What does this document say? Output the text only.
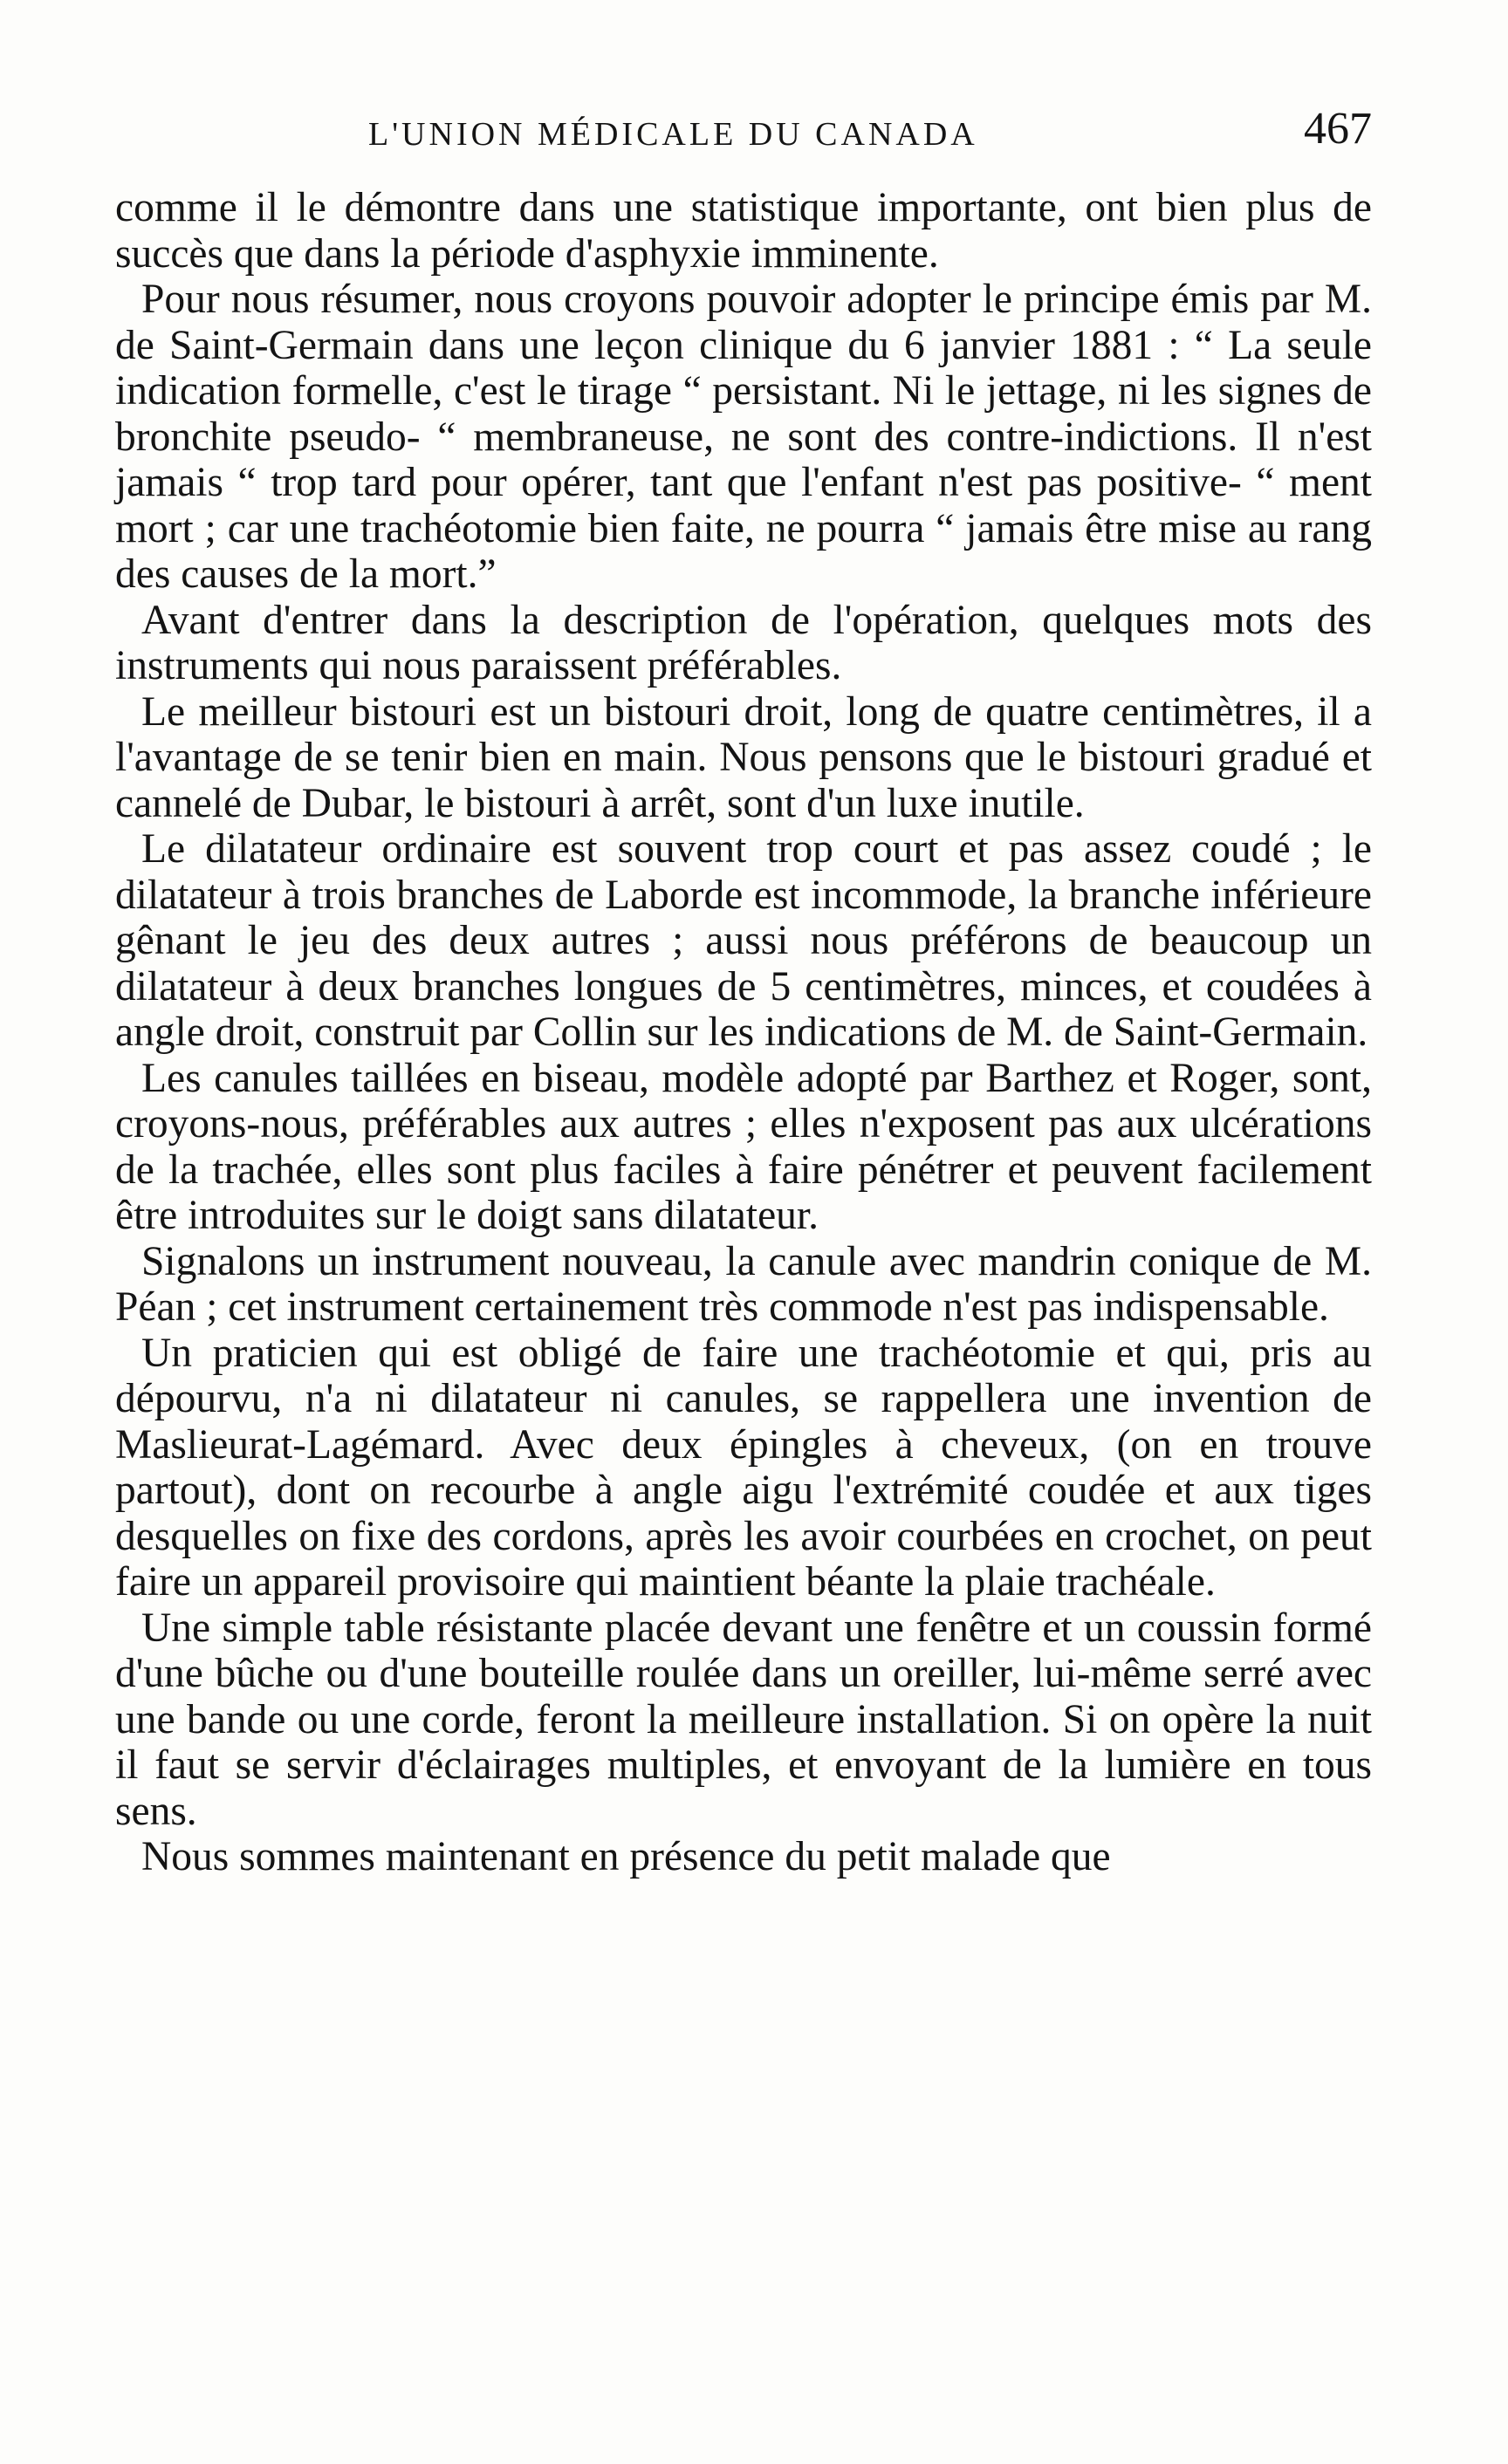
L'UNION MÉDICALE DU CANADA	467

comme il le démontre dans une statistique importante, ont bien plus de succès que dans la période d'asphyxie imminente.

Pour nous résumer, nous croyons pouvoir adopter le principe émis par M. de Saint-Germain dans une leçon clinique du 6 janvier 1881 : “ La seule indication formelle, c'est le tirage “ persistant. Ni le jettage, ni les signes de bronchite pseudo- “ membraneuse, ne sont des contre-indictions. Il n'est jamais “ trop tard pour opérer, tant que l'enfant n'est pas positive- “ ment mort ; car une trachéotomie bien faite, ne pourra “ jamais être mise au rang des causes de la mort.”

Avant d'entrer dans la description de l'opération, quelques mots des instruments qui nous paraissent préférables.

Le meilleur bistouri est un bistouri droit, long de quatre centimètres, il a l'avantage de se tenir bien en main. Nous pensons que le bistouri gradué et cannelé de Dubar, le bistouri à arrêt, sont d'un luxe inutile.

Le dilatateur ordinaire est souvent trop court et pas assez coudé ; le dilatateur à trois branches de Laborde est incommode, la branche inférieure gênant le jeu des deux autres ; aussi nous préférons de beaucoup un dilatateur à deux branches longues de 5 centimètres, minces, et coudées à angle droit, construit par Collin sur les indications de M. de Saint-Germain.

Les canules taillées en biseau, modèle adopté par Barthez et Roger, sont, croyons-nous, préférables aux autres ; elles n'exposent pas aux ulcérations de la trachée, elles sont plus faciles à faire pénétrer et peuvent facilement être introduites sur le doigt sans dilatateur.

Signalons un instrument nouveau, la canule avec mandrin conique de M. Péan ; cet instrument certainement très commode n'est pas indispensable.

Un praticien qui est obligé de faire une trachéotomie et qui, pris au dépourvu, n'a ni dilatateur ni canules, se rappellera une invention de Maslieurat-Lagémard. Avec deux épingles à cheveux, (on en trouve partout), dont on recourbe à angle aigu l'extrémité coudée et aux tiges desquelles on fixe des cordons, après les avoir courbées en crochet, on peut faire un appareil provisoire qui maintient béante la plaie trachéale.

Une simple table résistante placée devant une fenêtre et un coussin formé d'une bûche ou d'une bouteille roulée dans un oreiller, lui-même serré avec une bande ou une corde, feront la meilleure installation. Si on opère la nuit il faut se servir d'éclairages multiples, et envoyant de la lumière en tous sens.

Nous sommes maintenant en présence du petit malade que
